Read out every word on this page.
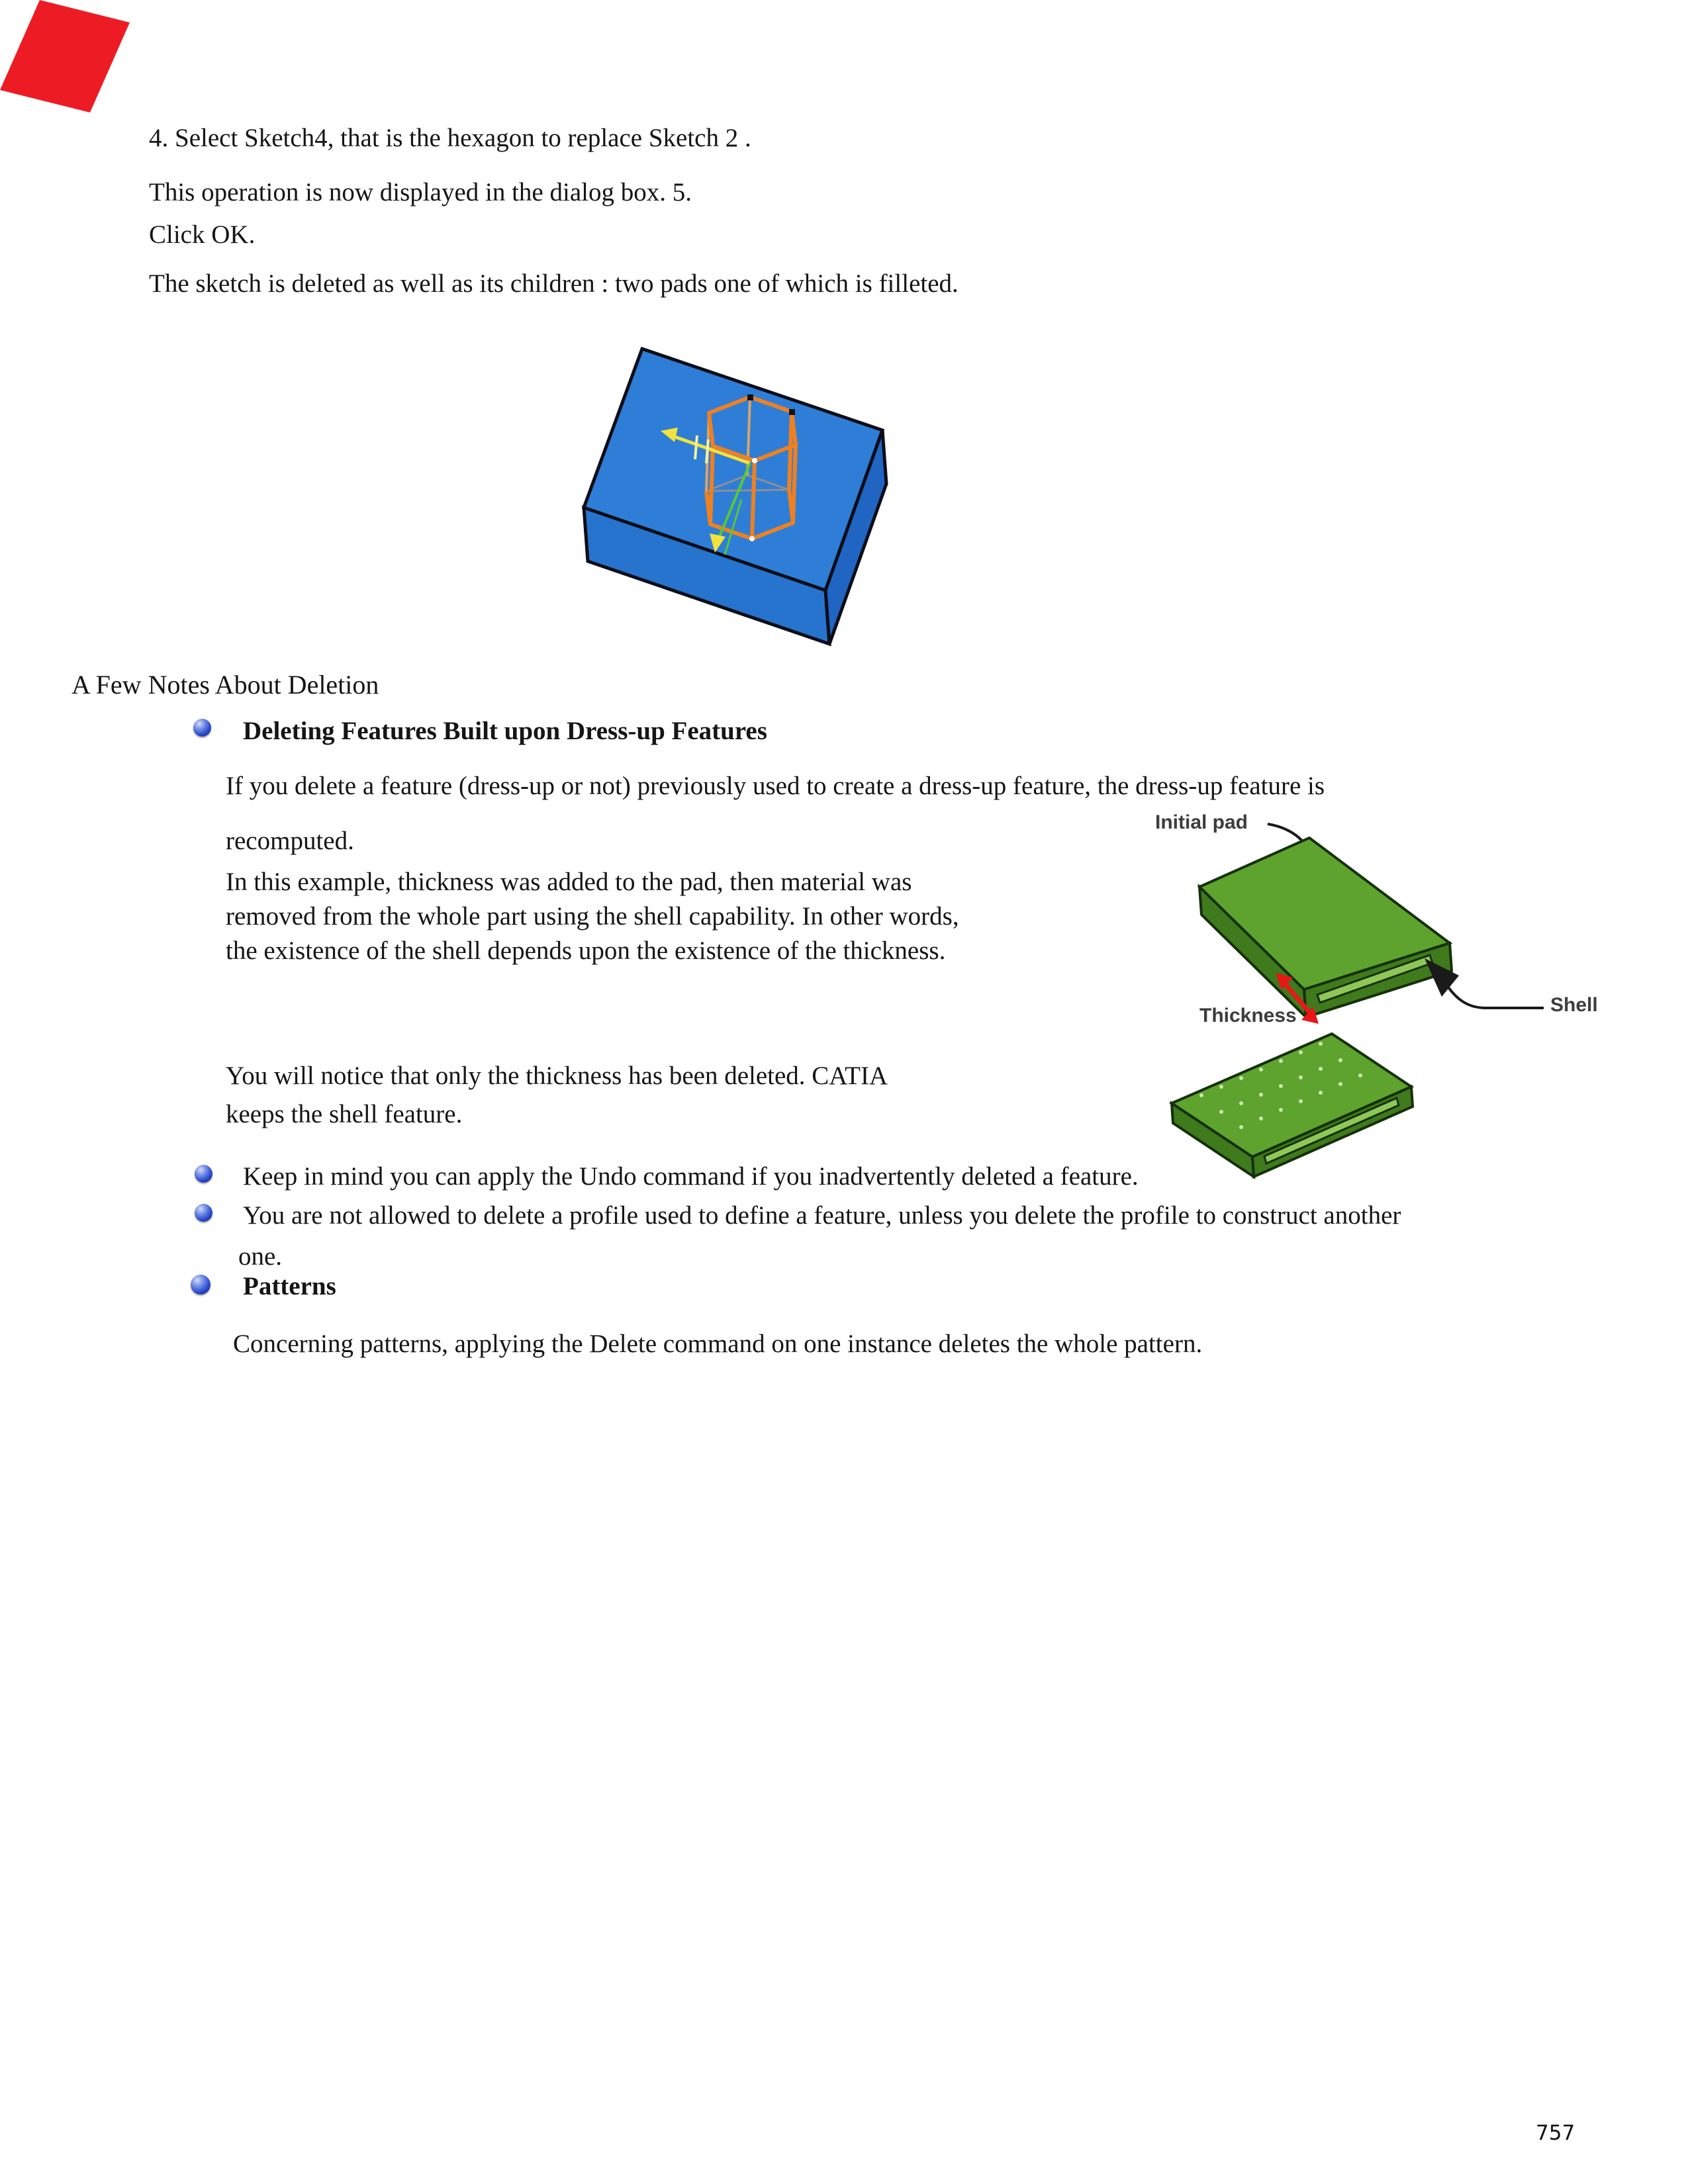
4. Select Sketch4, that is the hexagon to replace Sketch 2 .
This operation is now displayed in the dialog box. 5.
Click OK.
The sketch is deleted as well as its children : two pads one of which is filleted.
A Few Notes About Deletion
Deleting Features Built upon Dress-up Features
If you delete a feature (dress-up or not) previously used to create a dress-up feature, the dress-up feature is
recomputed.
In this example, thickness was added to the pad, then material was
removed from the whole part using the shell capability. In other words,
the existence of the shell depends upon the existence of the thickness.
Initial pad
Thickness	Shell
You will notice that only the thickness has been deleted. CATIA
keeps the shell feature.
Keep in mind you can apply the Undo command if you inadvertently deleted a feature.
You are not allowed to delete a profile used to define a feature, unless you delete the profile to construct another
one.
Patterns
Concerning patterns, applying the Delete command on one instance deletes the whole pattern.
757
